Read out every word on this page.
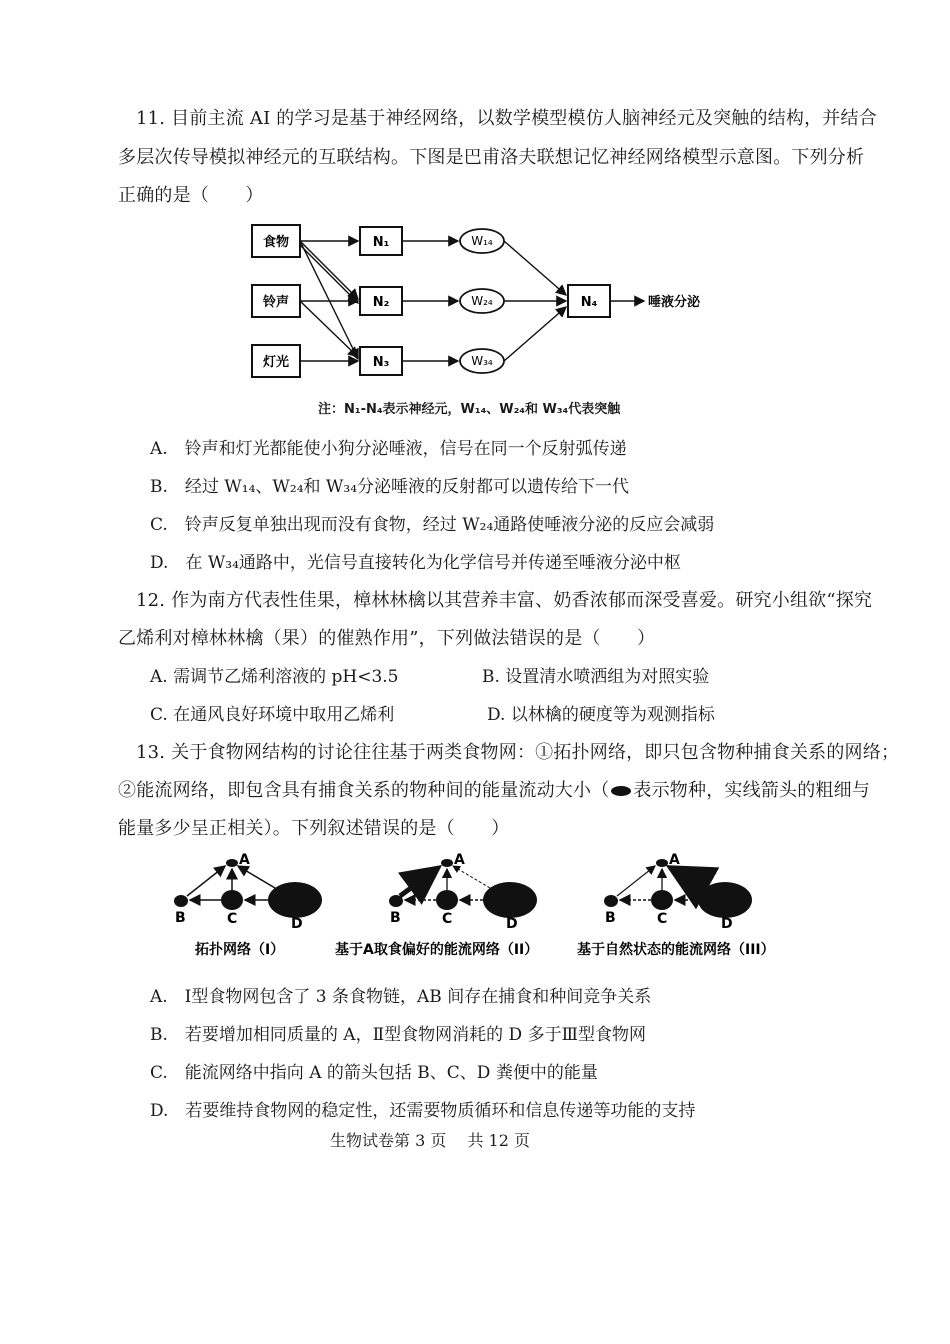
11. 目前主流 AI 的学习是基于神经网络，以数学模型模仿人脑神经元及突触的结构，并结合
多层次传导模拟神经元的互联结构。下图是巴甫洛夫联想记忆神经网络模型示意图。下列分析
正确的是（　　）
食物
铃声
灯光
N₁
N₂
N₃
W₁₄
W₂₄
W₃₄
N₄	唾液分泌
注：N₁-N₄表示神经元，W₁₄、W₂₄和 W₃₄代表突触
A.　铃声和灯光都能使小狗分泌唾液，信号在同一个反射弧传递
B.　经过 W₁₄、W₂₄和 W₃₄分泌唾液的反射都可以遗传给下一代
C.　铃声反复单独出现而没有食物，经过 W₂₄通路使唾液分泌的反应会减弱
D.　在 W₃₄通路中，光信号直接转化为化学信号并传递至唾液分泌中枢
12. 作为南方代表性佳果，樟林林檎以其营养丰富、奶香浓郁而深受喜爱。研究小组欲“探究
乙烯利对樟林林檎（果）的催熟作用”，下列做法错误的是（　　）
A. 需调节乙烯利溶液的 pH<3.5	B. 设置清水喷洒组为对照实验
C. 在通风良好环境中取用乙烯利	D. 以林檎的硬度等为观测指标
13. 关于食物网结构的讨论往往基于两类食物网：①拓扑网络，即只包含物种捕食关系的网络；
②能流网络，即包含具有捕食关系的物种间的能量流动大小（ 表示物种，实线箭头的粗细与
能量多少呈正相关）。下列叙述错误的是（　　）
A
B	C	D
A
B	C	D
A
B	C	D
拓扑网络（I）	基于A取食偏好的能流网络（II）	基于自然状态的能流网络（III）
A.　Ⅰ型食物网包含了 3 条食物链，AB 间存在捕食和种间竞争关系
B.　若要增加相同质量的 A，Ⅱ型食物网消耗的 D 多于Ⅲ型食物网
C.　能流网络中指向 A 的箭头包括 B、C、D 粪便中的能量
D.　若要维持食物网的稳定性，还需要物质循环和信息传递等功能的支持
生物试卷第 3 页　 共 12 页
